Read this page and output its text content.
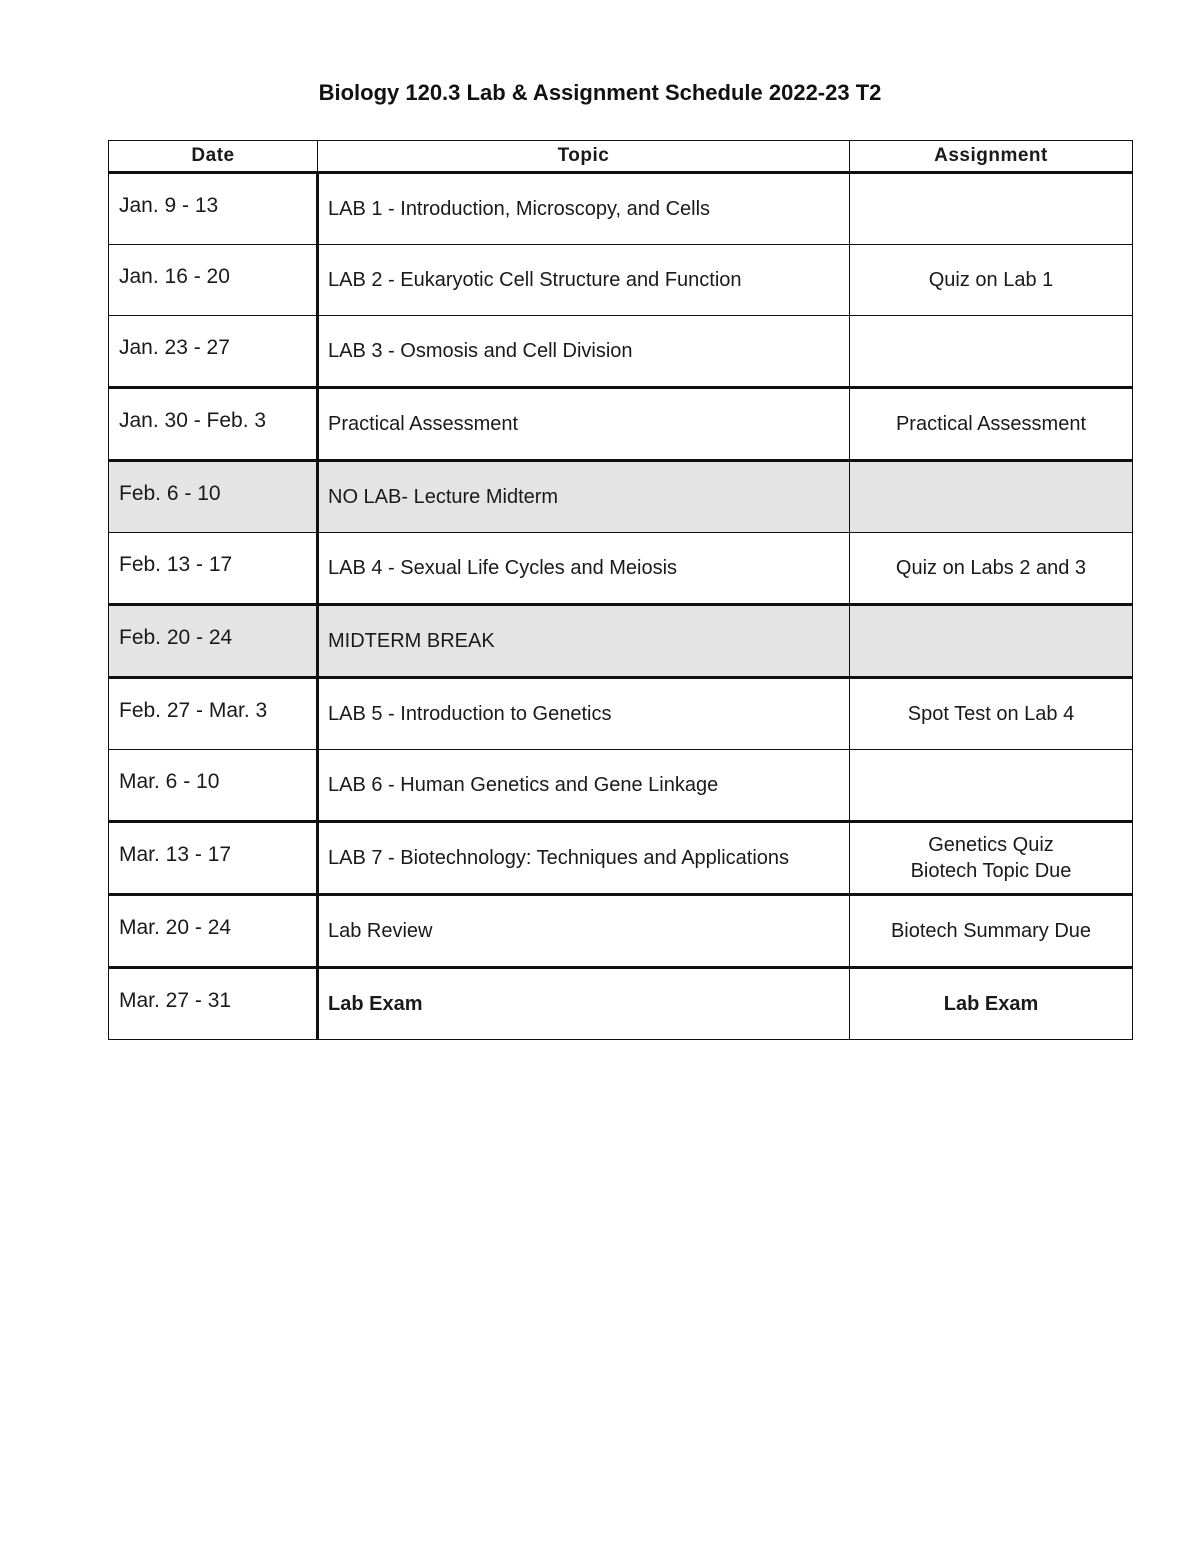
Biology 120.3 Lab & Assignment Schedule 2022-23 T2
Date	Topic	Assignment
Jan. 9 - 13	LAB 1 - Introduction, Microscopy, and Cells	
Jan. 16 - 20	LAB 2 - Eukaryotic Cell Structure and Function	Quiz on Lab 1

Jan. 23 - 27	LAB 3 - Osmosis and Cell Division	
Jan. 30 - Feb. 3	Practical Assessment	Practical Assessment

Feb. 6 - 10	NO LAB- Lecture Midterm	
Feb. 13 - 17	LAB 4 - Sexual Life Cycles and Meiosis	Quiz on Labs 2 and 3

Feb. 20 - 24	MIDTERM BREAK	
Feb. 27 - Mar. 3	LAB 5 - Introduction to Genetics	Spot Test on Lab 4

Mar. 6 - 10	LAB 6 - Human Genetics and Gene Linkage	
Mar. 13 - 17	LAB 7 - Biotechnology: Techniques and Applications	Genetics Quiz
Biotech Topic Due

Mar. 20 - 24	Lab Review	Biotech Summary Due

Mar. 27 - 31	Lab Exam	Lab Exam
